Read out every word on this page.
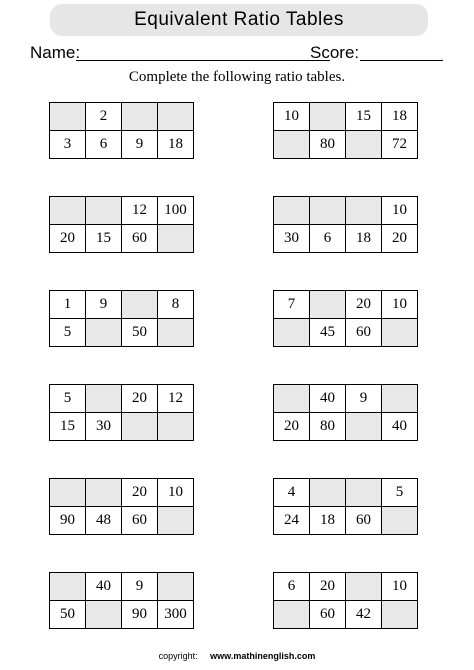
Equivalent Ratio Tables
Name:	Score:
Complete the following ratio tables.
	2		
3	6	9	18
10		15	18
	80		72
		12	100
20	15	60	
			10
30	6	18	20
1	9		8
5		50	
7		20	10
	45	60	
5		20	12
15	30		
	40	9	
20	80		40
		20	10
90	48	60	
4			5
24	18	60	
	40	9	
50		90	300
6	20		10
	60	42	
copyright: www.mathinenglish.com
